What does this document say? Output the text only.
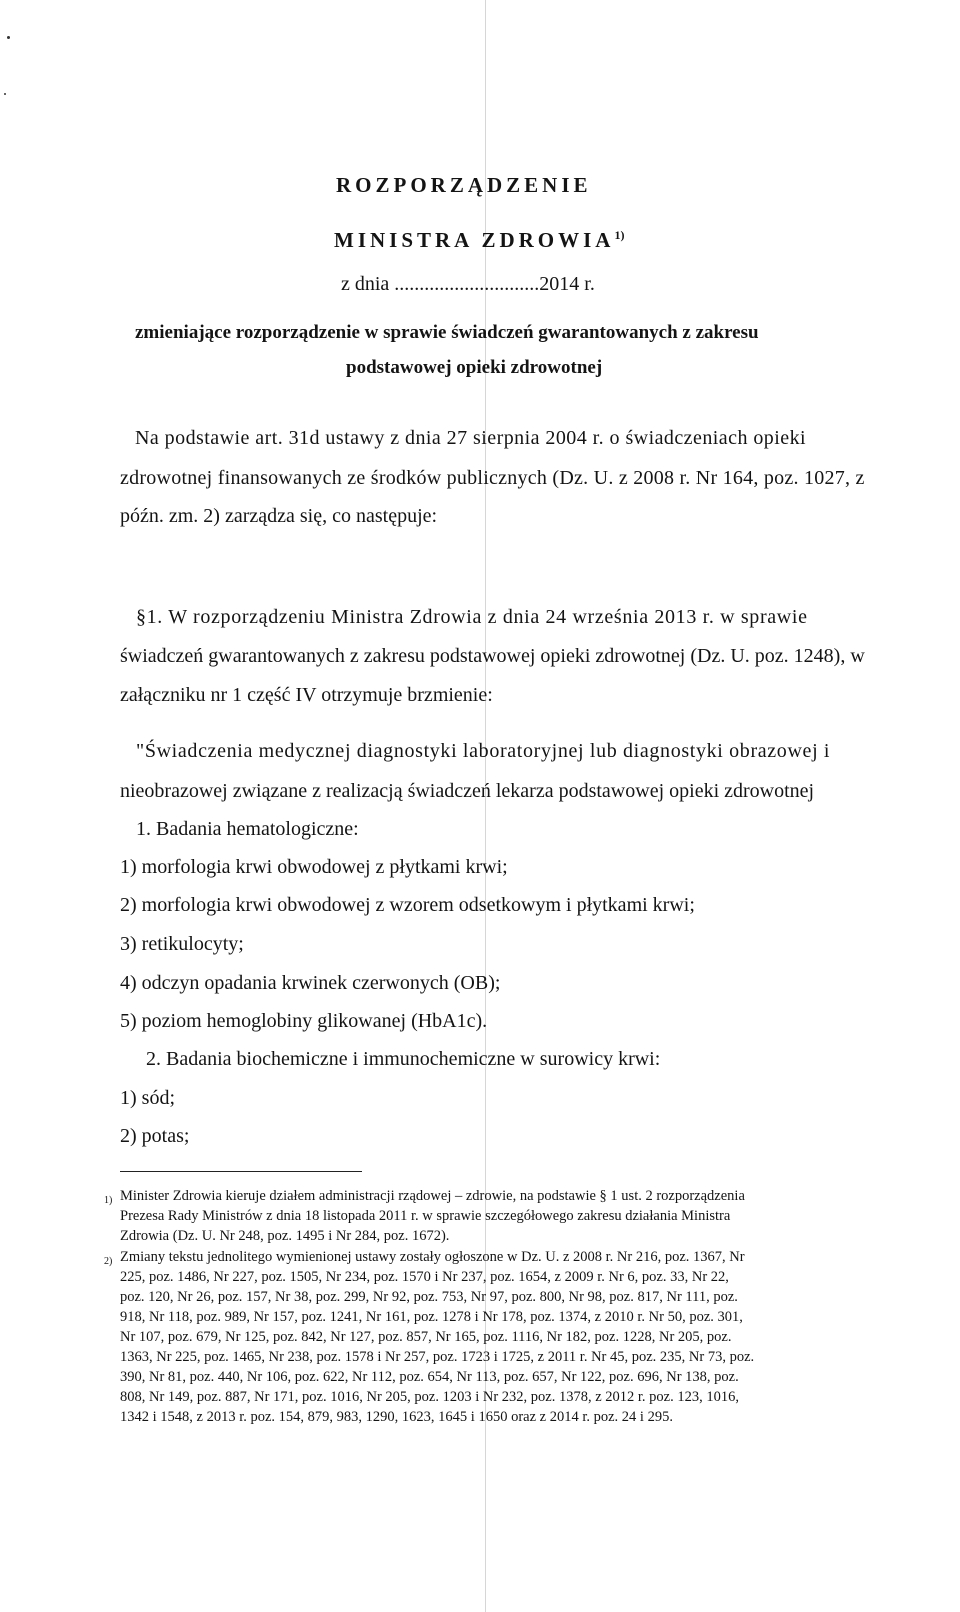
ROZPORZĄDZENIE
MINISTRA ZDROWIA$^{1)}$
z dnia .............................2014 r.
zmieniające rozporządzenie w sprawie świadczeń gwarantowanych z zakresu
podstawowej opieki zdrowotnej
Na podstawie art. 31d ustawy z dnia 27 sierpnia 2004 r. o świadczeniach opieki
zdrowotnej finansowanych ze środków publicznych (Dz. U. z 2008 r. Nr 164, poz. 1027, z
późn. zm. 2) zarządza się, co następuje:
§1. W rozporządzeniu Ministra Zdrowia z dnia 24 września 2013 r. w sprawie
świadczeń gwarantowanych z zakresu podstawowej opieki zdrowotnej (Dz. U. poz. 1248), w
załączniku nr 1 część IV otrzymuje brzmienie:
"Świadczenia medycznej diagnostyki laboratoryjnej lub diagnostyki obrazowej i
nieobrazowej związane z realizacją świadczeń lekarza podstawowej opieki zdrowotnej
1. Badania hematologiczne:
1) morfologia krwi obwodowej z płytkami krwi;
2) morfologia krwi obwodowej z wzorem odsetkowym i płytkami krwi;
3) retikulocyty;
4) odczyn opadania krwinek czerwonych (OB);
5) poziom hemoglobiny glikowanej (HbA1c).
2. Badania biochemiczne i immunochemiczne w surowicy krwi:
1) sód;
2) potas;
1) Minister Zdrowia kieruje działem administracji rządowej – zdrowie, na podstawie § 1 ust. 2 rozporządzenia
Prezesa Rady Ministrów z dnia 18 listopada 2011 r. w sprawie szczegółowego zakresu działania Ministra
Zdrowia (Dz. U. Nr 248, poz. 1495 i Nr 284, poz. 1672).
2) Zmiany tekstu jednolitego wymienionej ustawy zostały ogłoszone w Dz. U. z 2008 r. Nr 216, poz. 1367, Nr
225, poz. 1486, Nr 227, poz. 1505, Nr 234, poz. 1570 i Nr 237, poz. 1654, z 2009 r. Nr 6, poz. 33, Nr 22,
poz. 120, Nr 26, poz. 157, Nr 38, poz. 299, Nr 92, poz. 753, Nr 97, poz. 800, Nr 98, poz. 817, Nr 111, poz.
918, Nr 118, poz. 989, Nr 157, poz. 1241, Nr 161, poz. 1278 i Nr 178, poz. 1374, z 2010 r. Nr 50, poz. 301,
Nr 107, poz. 679, Nr 125, poz. 842, Nr 127, poz. 857, Nr 165, poz. 1116, Nr 182, poz. 1228, Nr 205, poz.
1363, Nr 225, poz. 1465, Nr 238, poz. 1578 i Nr 257, poz. 1723 i 1725, z 2011 r. Nr 45, poz. 235, Nr 73, poz.
390, Nr 81, poz. 440, Nr 106, poz. 622, Nr 112, poz. 654, Nr 113, poz. 657, Nr 122, poz. 696, Nr 138, poz.
808, Nr 149, poz. 887, Nr 171, poz. 1016, Nr 205, poz. 1203 i Nr 232, poz. 1378, z 2012 r. poz. 123, 1016,
1342 i 1548, z 2013 r. poz. 154, 879, 983, 1290, 1623, 1645 i 1650 oraz z 2014 r. poz. 24 i 295.
